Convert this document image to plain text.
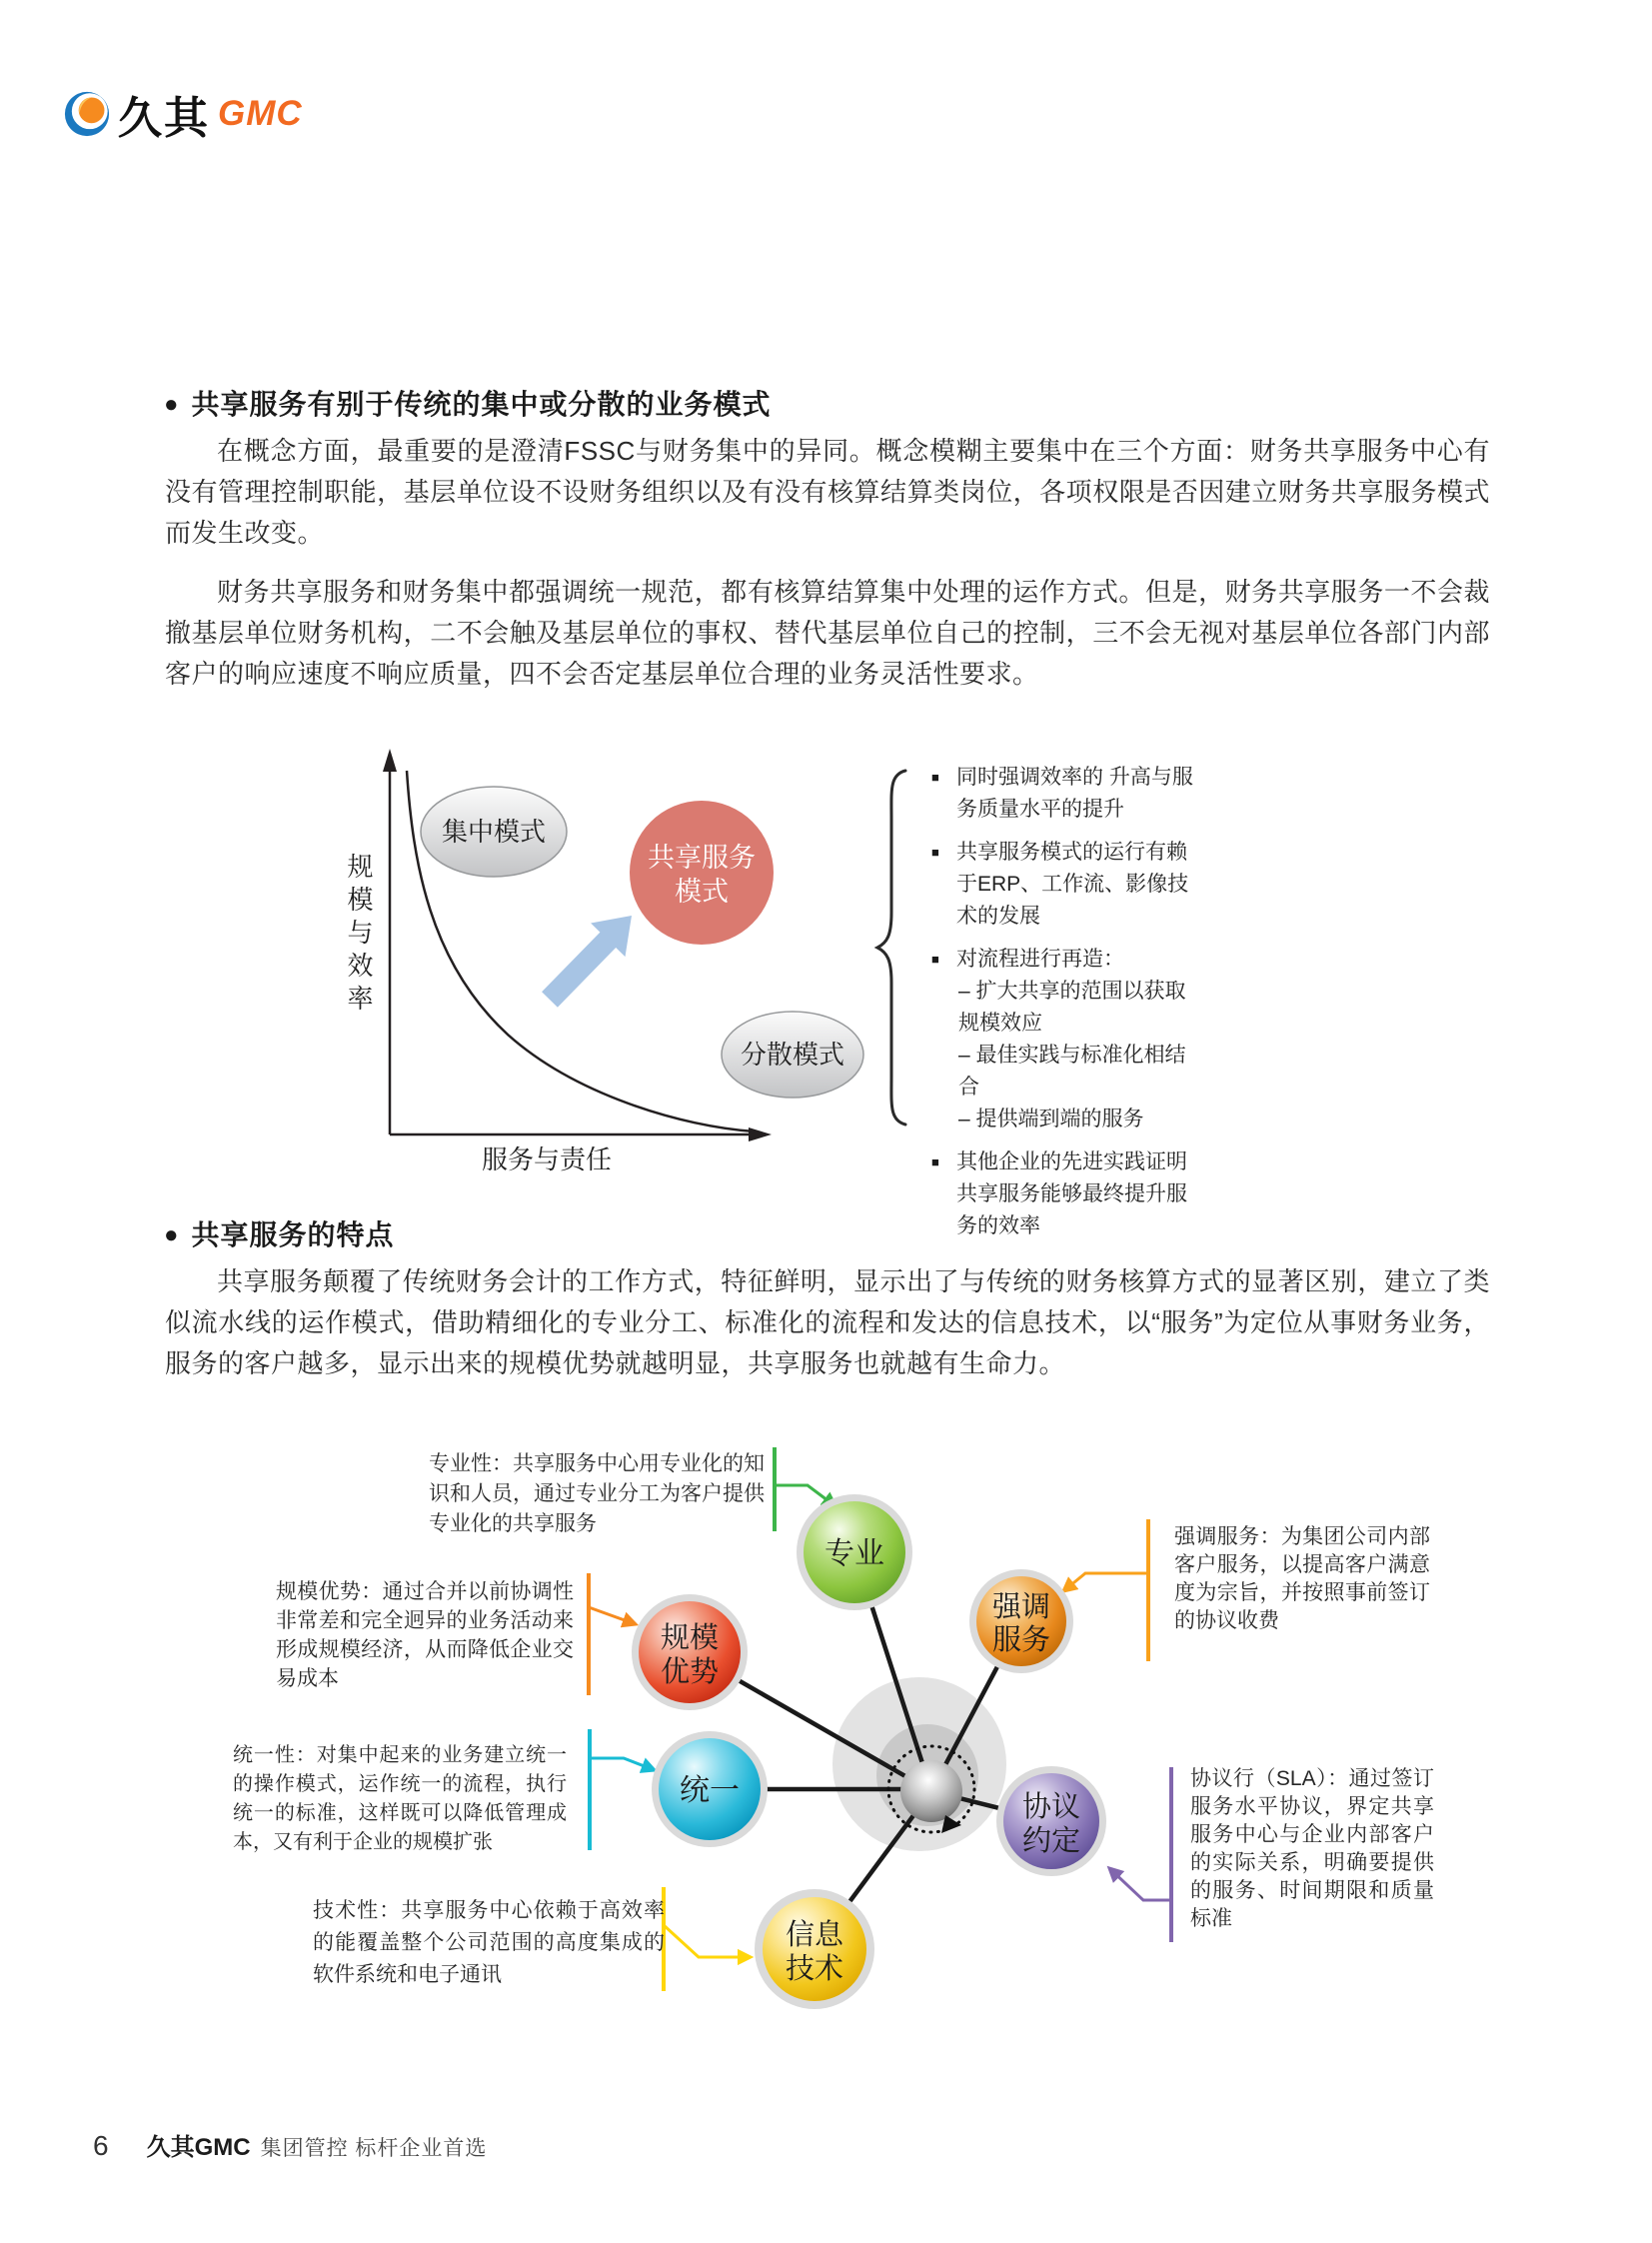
久其 GMC
● 共享服务有别于传统的集中或分散的业务模式
在概念方面，最重要的是澄清FSSC与财务集中的异同。概念模糊主要集中在三个方面：财务共享服务中心有没有管理控制职能，基层单位设不设财务组织以及有没有核算结算类岗位，各项权限是否因建立财务共享服务模式而发生改变。
财务共享服务和财务集中都强调统一规范，都有核算结算集中处理的运作方式。但是，财务共享服务一不会裁撤基层单位财务机构，二不会触及基层单位的事权、替代基层单位自己的控制，三不会无视对基层单位各部门内部客户的响应速度不响应质量，四不会否定基层单位合理的业务灵活性要求。
集中模式
共享服务
模式
分散模式
规模与效率
服务与责任
■ 同时强调效率的 升高与服务质量水平的提升
■ 共享服务模式的运行有赖于ERP、工作流、影像技术的发展
■ 对流程进行再造：
– 扩大共享的范围以获取规模效应
– 最佳实践与标准化相结合
– 提供端到端的服务
■ 其他企业的先进实践证明共享服务能够最终提升服务的效率
● 共享服务的特点
共享服务颠覆了传统财务会计的工作方式，特征鲜明，显示出了与传统的财务核算方式的显著区别，建立了类似流水线的运作模式，借助精细化的专业分工、标准化的流程和发达的信息技术，以“服务”为定位从事财务业务，服务的客户越多，显示出来的规模优势就越明显，共享服务也就越有生命力。
专业
强调
服务
规模
优势
统一	协议
约定
信息
技术
专业性：共享服务中心用专业化的知识和人员，通过专业分工为客户提供专业化的共享服务
规模优势：通过合并以前协调性非常差和完全迥异的业务活动来形成规模经济，从而降低企业交易成本
统一性：对集中起来的业务建立统一的操作模式，运作统一的流程，执行统一的标准，这样既可以降低管理成本，又有利于企业的规模扩张
技术性：共享服务中心依赖于高效率的能覆盖整个公司范围的高度集成的软件系统和电子通讯
强调服务：为集团公司内部客户服务，以提高客户满意度为宗旨，并按照事前签订的协议收费
协议行（SLA）：通过签订服务水平协议，界定共享服务中心与企业内部客户的实际关系，明确要提供的服务、时间期限和质量标准
6 久其GMC 集团管控 标杆企业首选
